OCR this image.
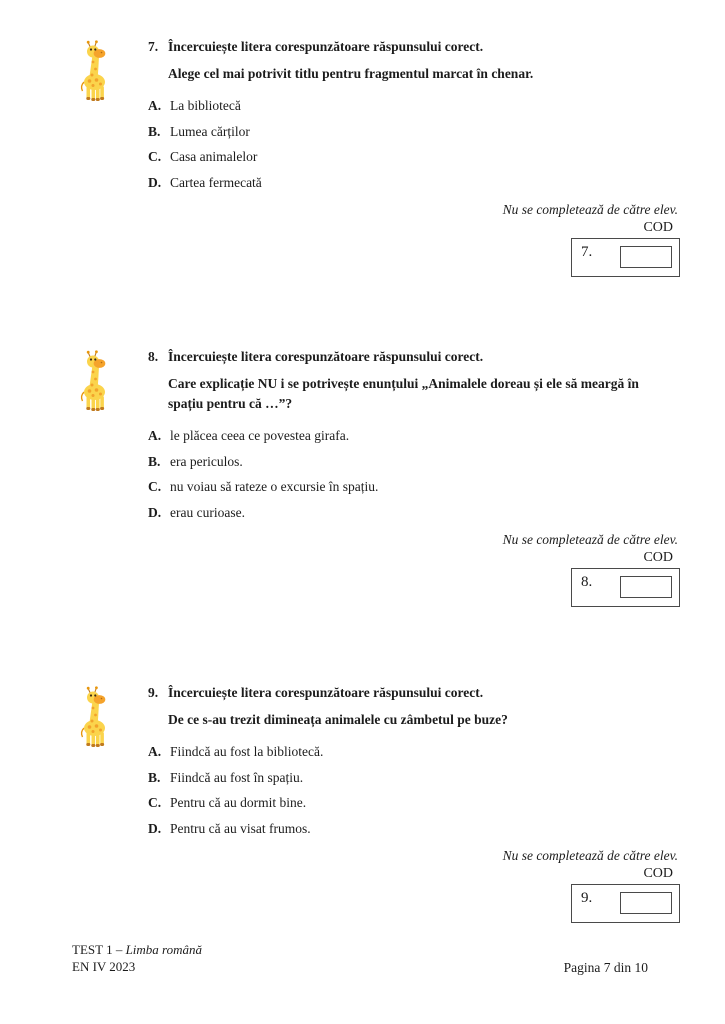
7. Încercuiește litera corespunzătoare răspunsului corect.
Alege cel mai potrivit titlu pentru fragmentul marcat în chenar.
A. La bibliotecă
B. Lumea cărților
C. Casa animalelor
D. Cartea fermecată
Nu se completează de către elev.
COD
7.
8. Încercuiește litera corespunzătoare răspunsului corect.
Care explicație NU i se potrivește enunțului „Animalele doreau și ele să meargă în spațiu pentru că …”?
A. le plăcea ceea ce povestea girafa.
B. era periculos.
C. nu voiau să rateze o excursie în spațiu.
D. erau curioase.
Nu se completează de către elev.
COD
8.
9. Încercuiește litera corespunzătoare răspunsului corect.
De ce s-au trezit dimineața animalele cu zâmbetul pe buze?
A. Fiindcă au fost la bibliotecă.
B. Fiindcă au fost în spațiu.
C. Pentru că au dormit bine.
D. Pentru că au visat frumos.
Nu se completează de către elev.
COD
9.
TEST 1 – Limba română
EN IV 2023	Pagina 7 din 10
